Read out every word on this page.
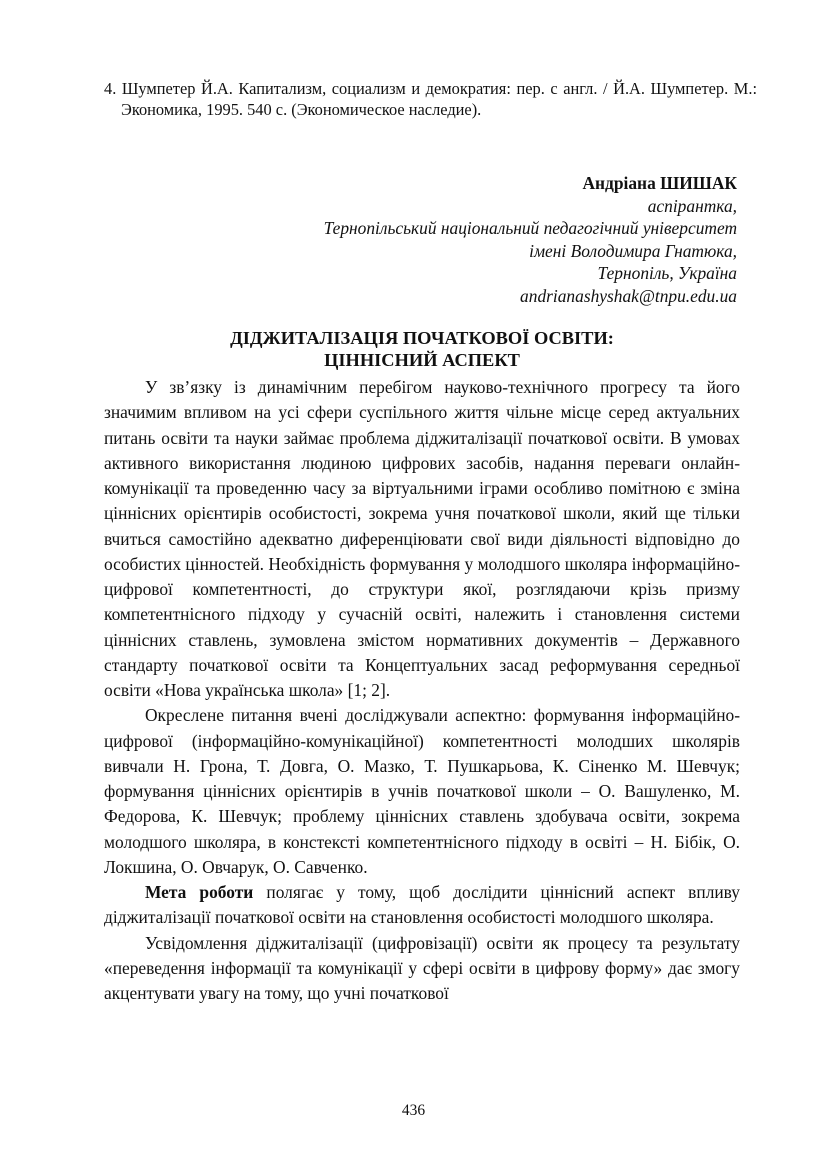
4. Шумпетер Й.А. Капитализм, социализм и демократия: пер. с англ. / Й.А. Шумпетер. М.: Экономика, 1995. 540 с. (Экономическое наследие).
Андріана ШИШАК
аспірантка,
Тернопільський національний педагогічний університет
імені Володимира Гнатюка,
Тернопіль, Україна
andrianashyshak@tnpu.edu.ua
ДІДЖИТАЛІЗАЦІЯ ПОЧАТКОВОЇ ОСВІТИ:
ЦІННІСНИЙ АСПЕКТ

У зв’язку із динамічним перебігом науково-технічного прогресу та його значимим впливом на усі сфери суспільного життя чільне місце серед актуальних питань освіти та науки займає проблема діджиталізації початкової освіти. В умовах активного використання людиною цифрових засобів, надання переваги онлайн-комунікації та проведенню часу за віртуальними іграми особливо помітною є зміна ціннісних орієнтирів особистості, зокрема учня початкової школи, який ще тільки вчиться самостійно адекватно диференціювати свої види діяльності відповідно до особистих цінностей. Необхідність формування у молодшого школяра інформаційно-цифрової компетентності, до структури якої, розглядаючи крізь призму компетентнісного підходу у сучасній освіті, належить і становлення системи ціннісних ставлень, зумовлена змістом нормативних документів – Державного стандарту початкової освіти та Концептуальних засад реформування середньої освіти «Нова українська школа» [1; 2].

Окреслене питання вчені досліджували аспектно: формування інформаційно-цифрової (інформаційно-комунікаційної) компетентності молодших школярів вивчали Н. Грона, Т. Довга, О. Мазко, Т. Пушкарьова, К. Сіненко М. Шевчук; формування ціннісних орієнтирів в учнів початкової школи – О. Вашуленко, М. Федорова, К. Шевчук; проблему ціннісних ставлень здобувача освіти, зокрема молодшого школяра, в констексті компетентнісного підходу в освіті – Н. Бібік, О. Локшина, О. Овчарук, О. Савченко.

Мета роботи полягає у тому, щоб дослідити ціннісний аспект впливу діджиталізації початкової освіти на становлення особистості молодшого школяра.

Усвідомлення діджиталізації (цифровізації) освіти як процесу та результату «переведення інформації та комунікації у сфері освіти в цифрову форму» дає змогу акцентувати увагу на тому, що учні початкової

436
